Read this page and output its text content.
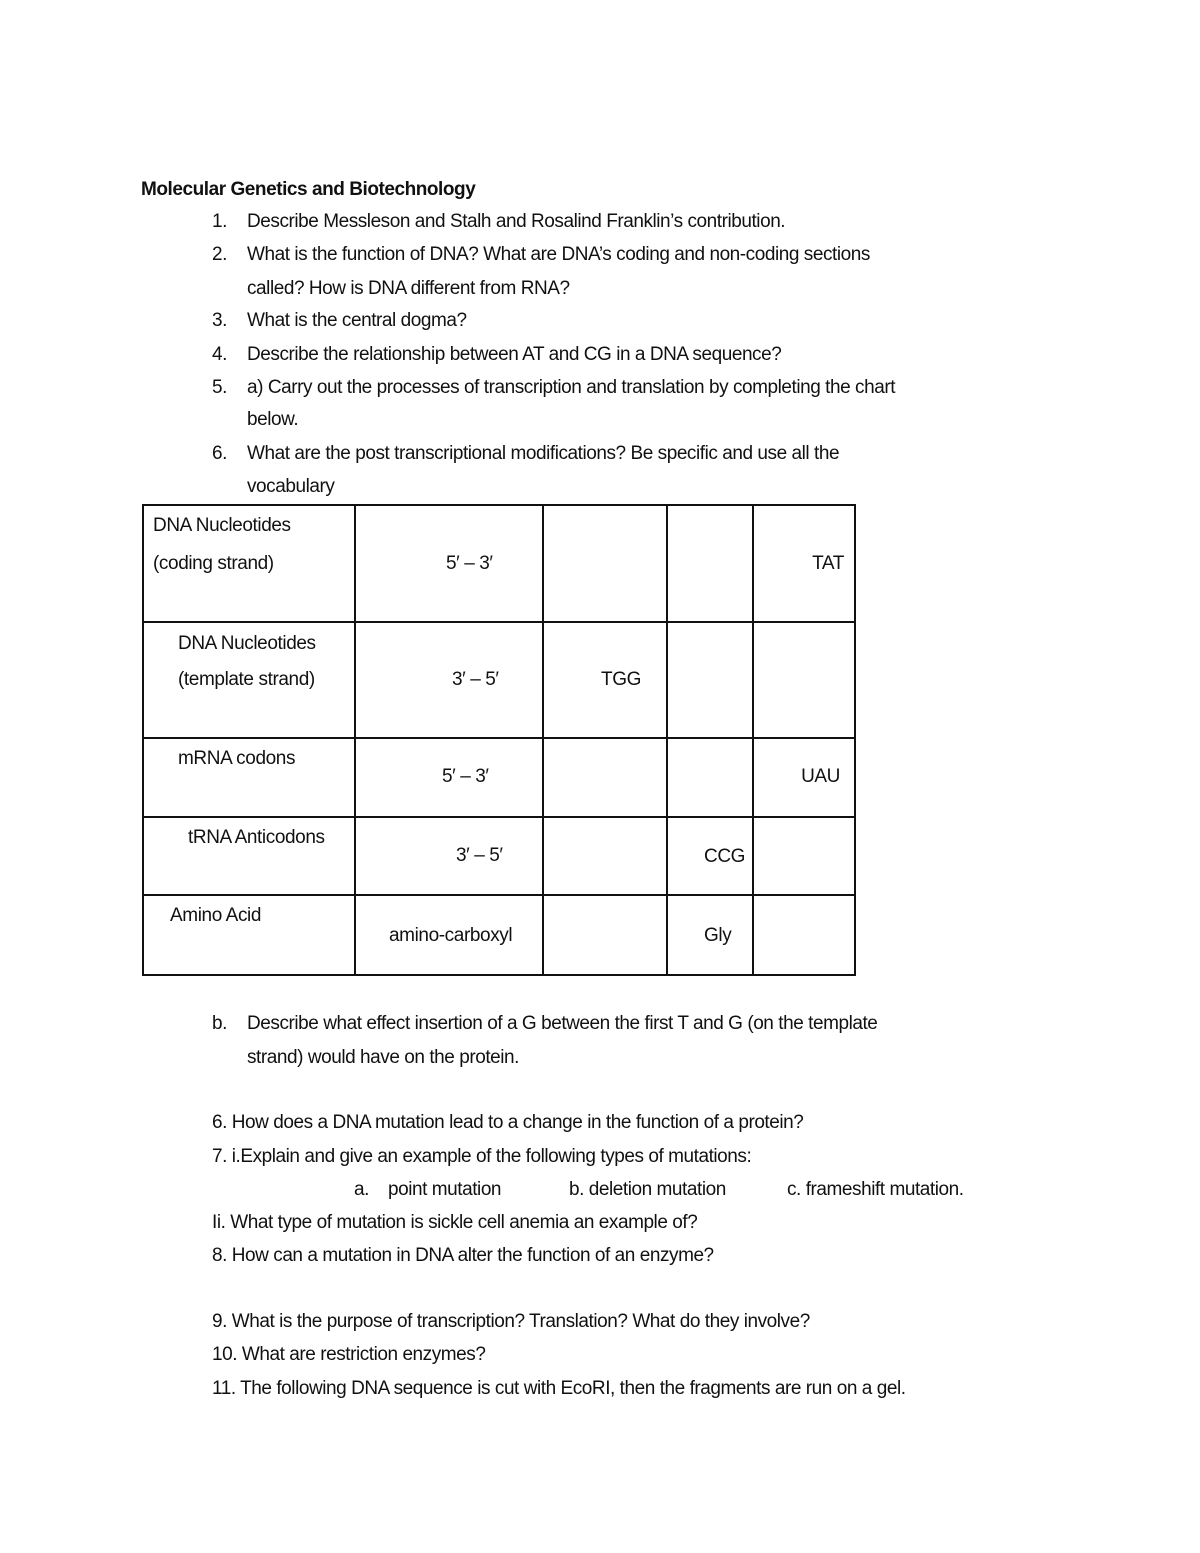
Molecular Genetics and Biotechnology
1. Describe Messleson and Stalh and Rosalind Franklin’s contribution.
2. What is the function of DNA? What are DNA’s coding and non-coding sections
called? How is DNA different from RNA?
3. What is the central dogma?
4. Describe the relationship between AT and CG in a DNA sequence?
5. a) Carry out the processes of transcription and translation by completing the chart
below.
6. What are the post transcriptional modifications? Be specific and use all the
vocabulary
DNA Nucleotides
(coding strand)	5′ – 3′			TAT

DNA Nucleotides
(template strand)	3′ – 5′	TGG		

mRNA codons	5′ – 3′			UAU

tRNA Anticodons	3′ – 5′		CCG	

Amino Acid	amino-carboxyl		Gly	

b. Describe what effect insertion of a G between the first T and G (on the template
strand) would have on the protein.
6. How does a DNA mutation lead to a change in the function of a protein?
7. i.Explain and give an example of the following types of mutations:
a. point mutation	b. deletion mutation	c. frameshift mutation.
Ii. What type of mutation is sickle cell anemia an example of?
8. How can a mutation in DNA alter the function of an enzyme?
9. What is the purpose of transcription? Translation? What do they involve?
10. What are restriction enzymes?
11. The following DNA sequence is cut with EcoRI, then the fragments are run on a gel.
